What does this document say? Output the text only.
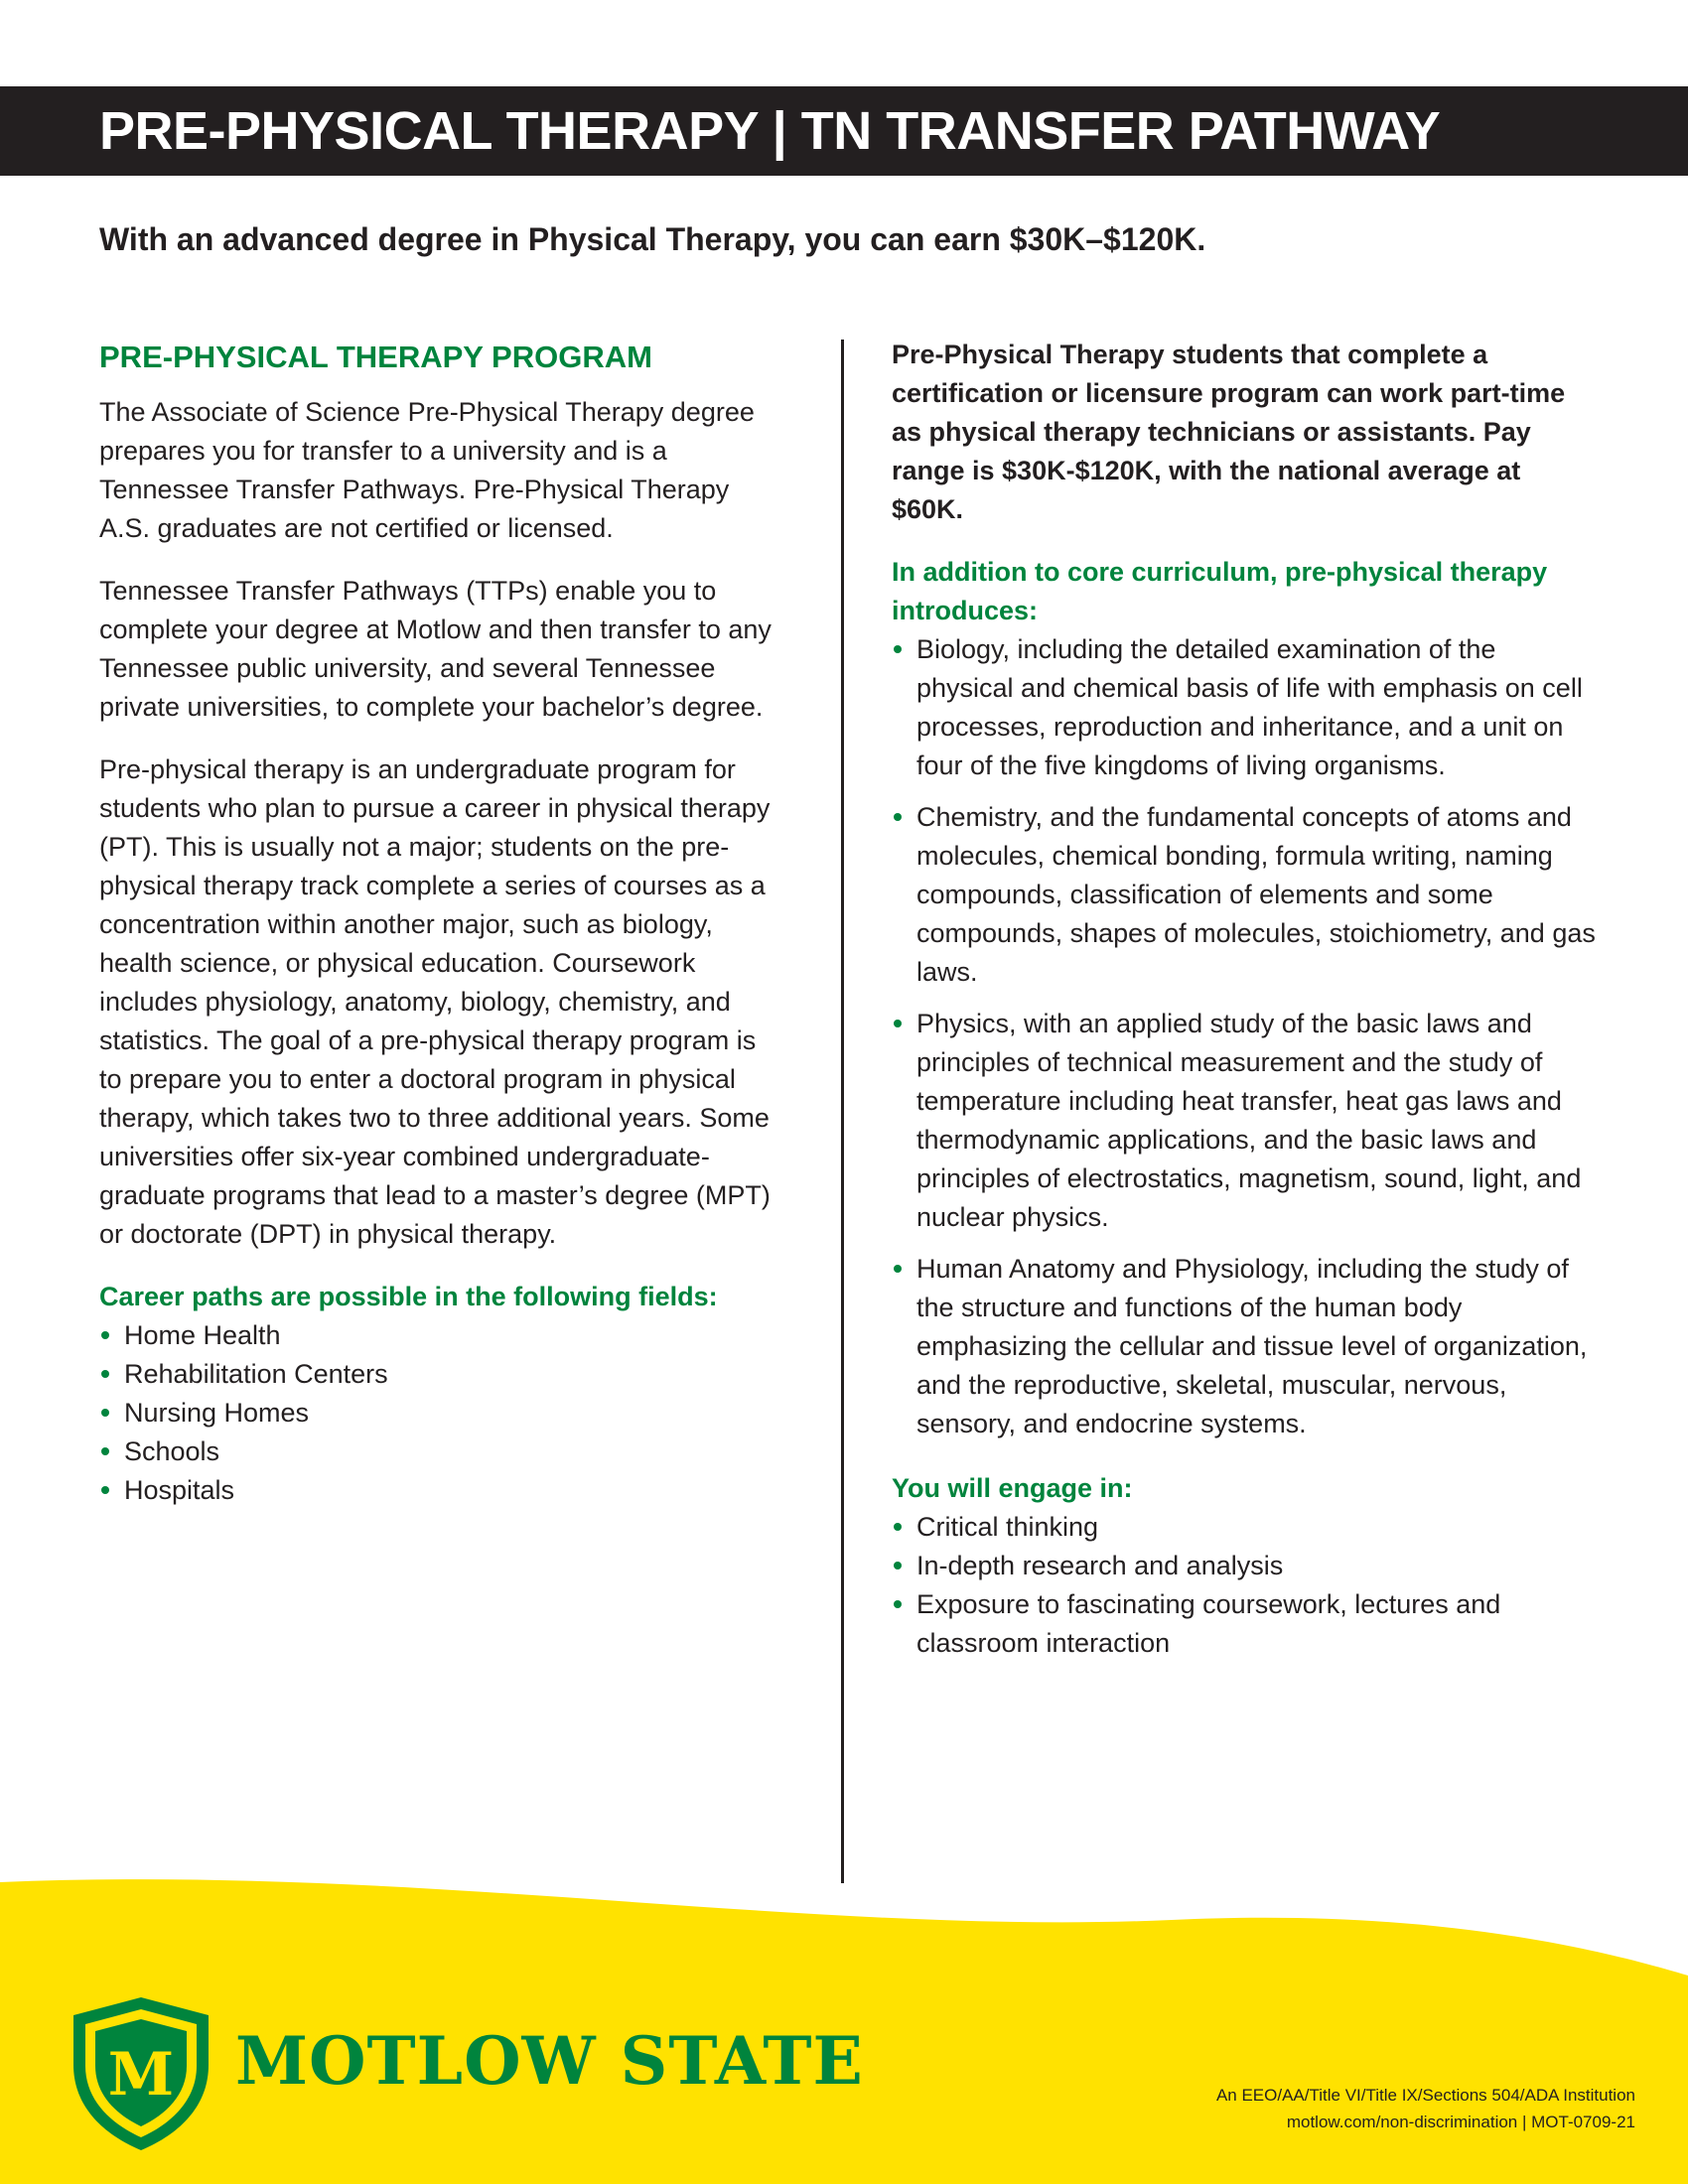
PRE-PHYSICAL THERAPY | TN TRANSFER PATHWAY

With an advanced degree in Physical Therapy, you can earn $30K–$120K.

PRE-PHYSICAL THERAPY PROGRAM

The Associate of Science Pre-Physical Therapy degree prepares you for transfer to a university and is a Tennessee Transfer Pathways. Pre-Physical Therapy A.S. graduates are not certified or licensed.

Tennessee Transfer Pathways (TTPs) enable you to complete your degree at Motlow and then transfer to any Tennessee public university, and several Tennessee private universities, to complete your bachelor’s degree.

Pre-physical therapy is an undergraduate program for students who plan to pursue a career in physical therapy (PT). This is usually not a major; students on the pre-physical therapy track complete a series of courses as a concentration within another major, such as biology, health science, or physical education. Coursework includes physiology, anatomy, biology, chemistry, and statistics. The goal of a pre-physical therapy program is to prepare you to enter a doctoral program in physical therapy, which takes two to three additional years. Some universities offer six-year combined undergraduate-graduate programs that lead to a master’s degree (MPT) or doctorate (DPT) in physical therapy.

Career paths are possible in the following fields:

Home Health
Rehabilitation Centers
Nursing Homes
Schools
Hospitals

Pre-Physical Therapy students that complete a certification or licensure program can work part-time as physical therapy technicians or assistants. Pay range is $30K-$120K, with the national average at $60K.

In addition to core curriculum, pre-physical therapy introduces:

Biology, including the detailed examination of the physical and chemical basis of life with emphasis on cell processes, reproduction and inheritance, and a unit on four of the five kingdoms of living organisms.
Chemistry, and the fundamental concepts of atoms and molecules, chemical bonding, formula writing, naming compounds, classification of elements and some compounds, shapes of molecules, stoichiometry, and gas laws.
Physics, with an applied study of the basic laws and principles of technical measurement and the study of temperature including heat transfer, heat gas laws and thermodynamic applications, and the basic laws and principles of electrostatics, magnetism, sound, light, and nuclear physics.
Human Anatomy and Physiology, including the study of the structure and functions of the human body emphasizing the cellular and tissue level of organization, and the reproductive, skeletal, muscular, nervous, sensory, and endocrine systems.

You will engage in:

Critical thinking
In-depth research and analysis
Exposure to fascinating coursework, lectures and classroom interaction
M MOTLOW STATE	An EEO/AA/Title VI/Title IX/Sections 504/ADA Institution
motlow.com/non-discrimination | MOT-0709-21
